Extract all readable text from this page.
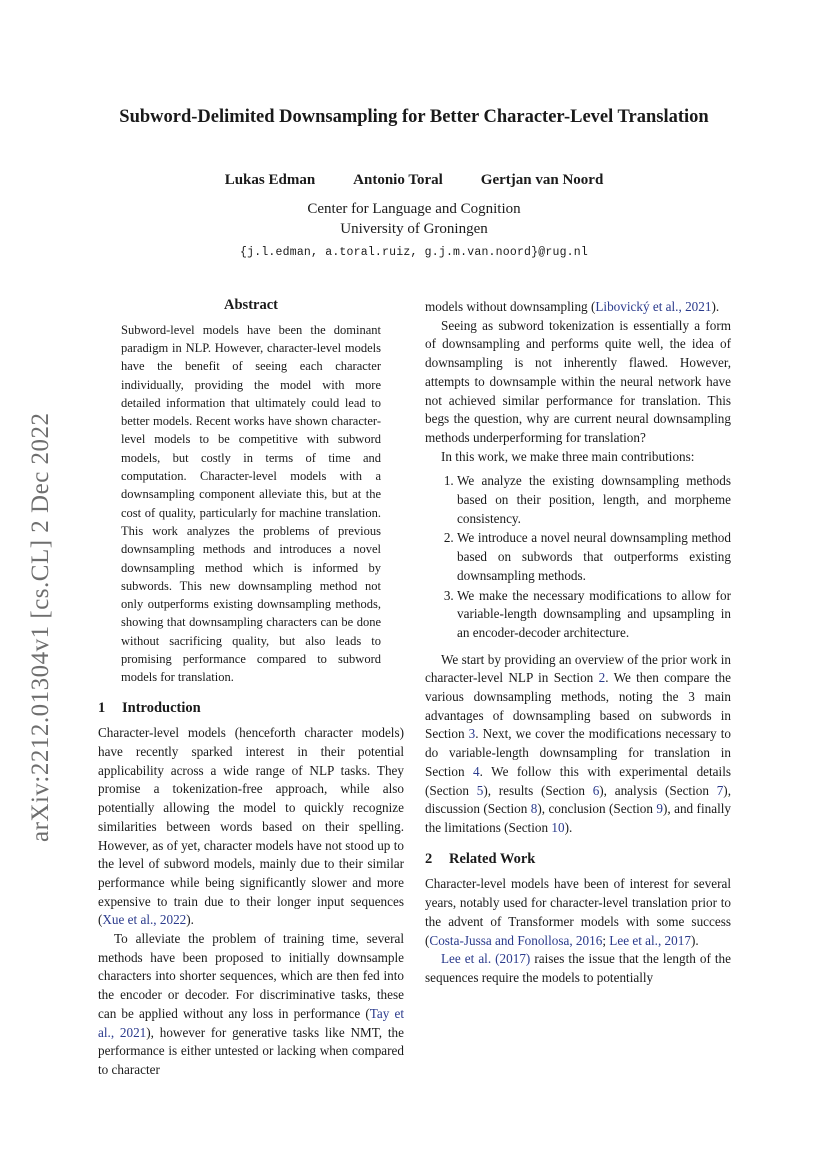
arXiv:2212.01304v1 [cs.CL] 2 Dec 2022
Subword-Delimited Downsampling for Better Character-Level Translation
Lukas Edman	Antonio Toral	Gertjan van Noord
Center for Language and Cognition
University of Groningen
{j.l.edman, a.toral.ruiz, g.j.m.van.noord}@rug.nl
Abstract

Subword-level models have been the dominant paradigm in NLP. However, character-level models have the benefit of seeing each character individually, providing the model with more detailed information that ultimately could lead to better models. Recent works have shown character-level models to be competitive with subword models, but costly in terms of time and computation. Character-level models with a downsampling component alleviate this, but at the cost of quality, particularly for machine translation. This work analyzes the problems of previous downsampling methods and introduces a novel downsampling method which is informed by subwords. This new downsampling method not only outperforms existing downsampling methods, showing that downsampling characters can be done without sacrificing quality, but also leads to promising performance compared to subword models for translation.

1 Introduction

Character-level models (henceforth character models) have recently sparked interest in their potential applicability across a wide range of NLP tasks. They promise a tokenization-free approach, while also potentially allowing the model to quickly recognize similarities between words based on their spelling. However, as of yet, character models have not stood up to the level of subword models, mainly due to their similar performance while being significantly slower and more expensive to train due to their longer input sequences (Xue et al., 2022).

To alleviate the problem of training time, several methods have been proposed to initially downsample characters into shorter sequences, which are then fed into the encoder or decoder. For discriminative tasks, these can be applied without any loss in performance (Tay et al., 2021), however for generative tasks like NMT, the performance is either untested or lacking when compared to character

models without downsampling (Libovický et al., 2021).

Seeing as subword tokenization is essentially a form of downsampling and performs quite well, the idea of downsampling is not inherently flawed. However, attempts to downsample within the neural network have not achieved similar performance for translation. This begs the question, why are current neural downsampling methods underperforming for translation?

In this work, we make three main contributions:

1. We analyze the existing downsampling methods based on their position, length, and morpheme consistency.
2. We introduce a novel neural downsampling method based on subwords that outperforms existing downsampling methods.
3. We make the necessary modifications to allow for variable-length downsampling and upsampling in an encoder-decoder architecture.

We start by providing an overview of the prior work in character-level NLP in Section 2. We then compare the various downsampling methods, noting the 3 main advantages of downsampling based on subwords in Section 3. Next, we cover the modifications necessary to do variable-length downsampling for translation in Section 4. We follow this with experimental details (Section 5), results (Section 6), analysis (Section 7), discussion (Section 8), conclusion (Section 9), and finally the limitations (Section 10).

2 Related Work

Character-level models have been of interest for several years, notably used for character-level translation prior to the advent of Transformer models with some success (Costa-Jussa and Fonollosa, 2016; Lee et al., 2017).

Lee et al. (2017) raises the issue that the length of the sequences require the models to potentially
